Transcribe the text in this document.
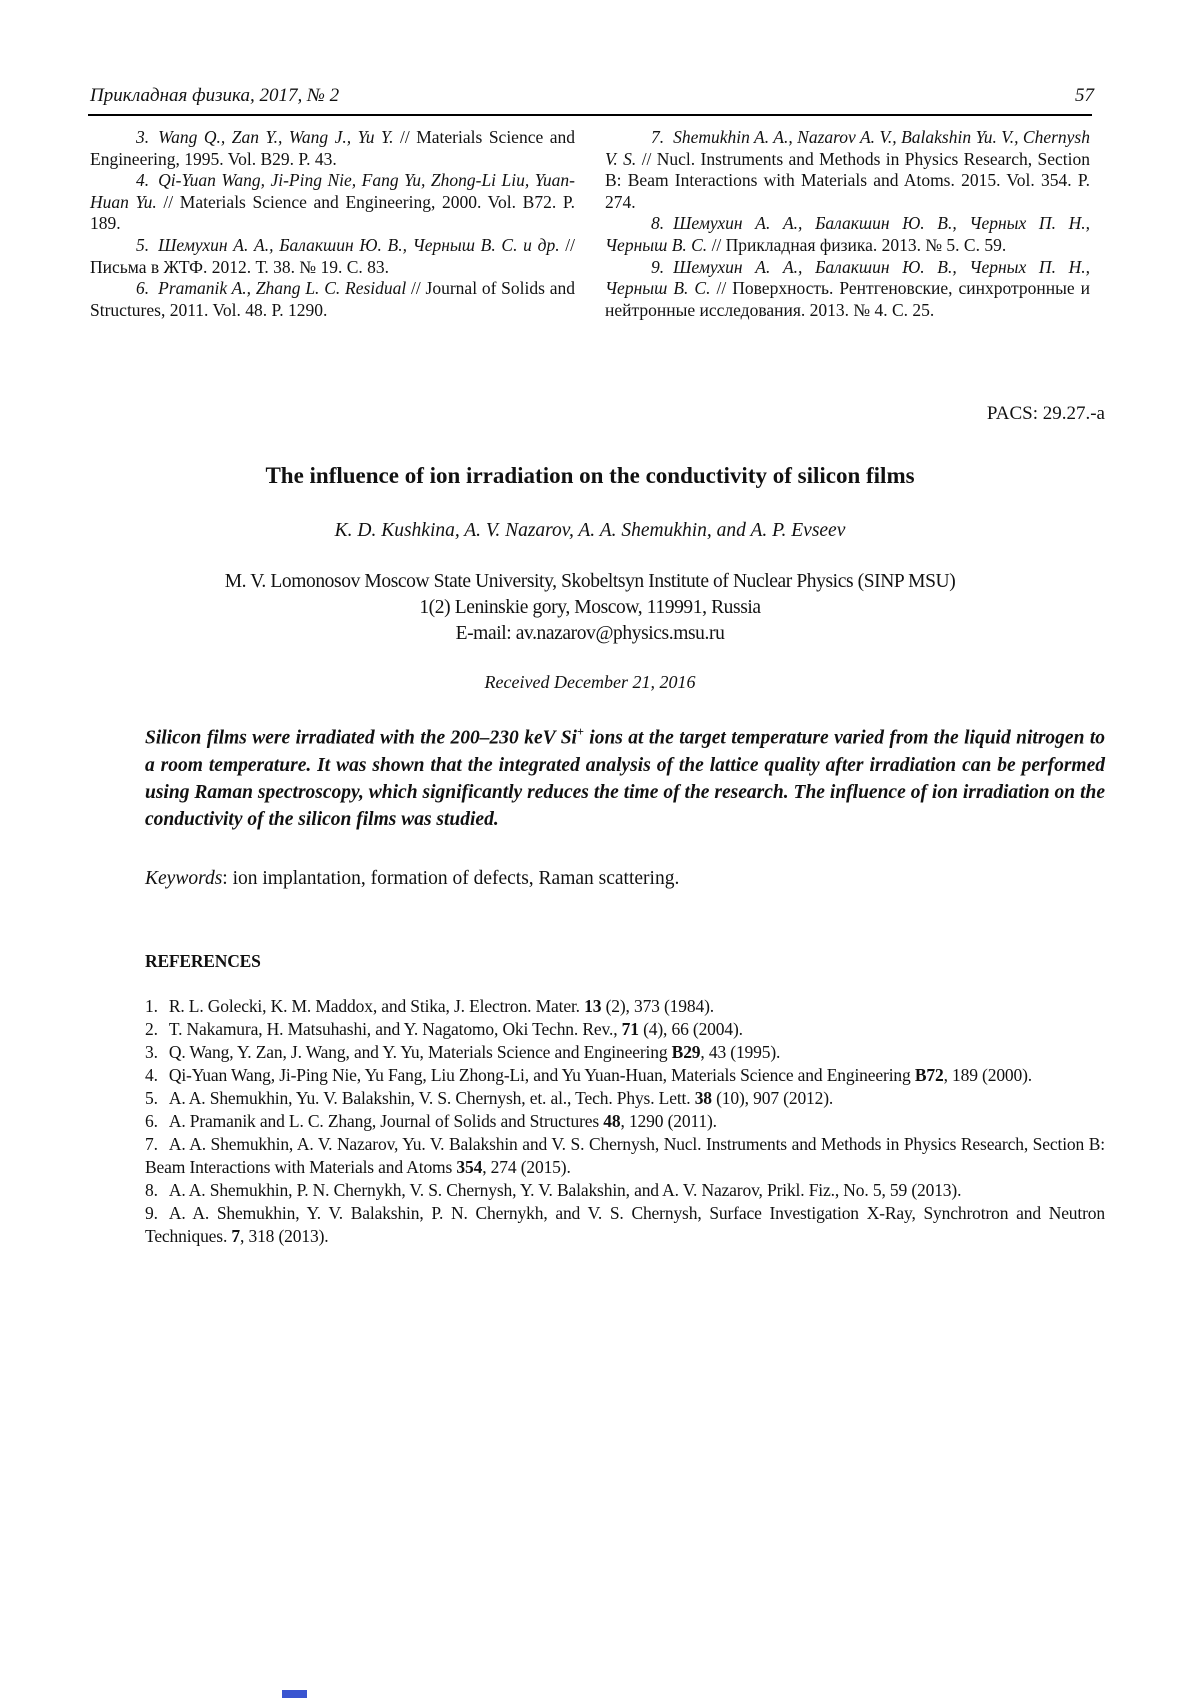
Прикладная физика, 2017, № 2	57

3. Wang Q., Zan Y., Wang J., Yu Y. // Materials Science and Engineering, 1995. Vol. B29. P. 43.

4. Qi-Yuan Wang, Ji-Ping Nie, Fang Yu, Zhong-Li Liu, Yuan-Huan Yu. // Materials Science and Engineering, 2000. Vol. B72. P. 189.

5. Шемухин А. А., Балакшин Ю. В., Черныш В. С. и др. // Письма в ЖТФ. 2012. Т. 38. № 19. С. 83.

6. Pramanik A., Zhang L. C. Residual // Journal of Solids and Structures, 2011. Vol. 48. P. 1290.

7. Shemukhin A. A., Nazarov A. V., Balakshin Yu. V., Chernysh V. S. // Nucl. Instruments and Methods in Physics Research, Section B: Beam Interactions with Materials and Atoms. 2015. Vol. 354. P. 274.

8. Шемухин А. А., Балакшин Ю. В., Черных П. Н., Черныш В. С. // Прикладная физика. 2013. № 5. С. 59.

9. Шемухин А. А., Балакшин Ю. В., Черных П. Н., Черныш В. С. // Поверхность. Рентгеновские, синхротронные и нейтронные исследования. 2013. № 4. С. 25.

PACS: 29.27.-a
The influence of ion irradiation on the conductivity of silicon films
K. D. Kushkina, A. V. Nazarov, A. A. Shemukhin, and A. P. Evseev
M. V. Lomonosov Moscow State University, Skobeltsyn Institute of Nuclear Physics (SINP MSU)
1(2) Leninskie gory, Moscow, 119991, Russia
E-mail: av.nazarov@physics.msu.ru
Received December 21, 2016
Silicon films were irradiated with the 200–230 keV Si+ ions at the target temperature varied from the liquid nitrogen to a room temperature. It was shown that the integrated analysis of the lattice quality after irradiation can be performed using Raman spectroscopy, which significantly reduces the time of the research. The influence of ion irradiation on the conductivity of the silicon films was studied.
Keywords: ion implantation, formation of defects, Raman scattering.
REFERENCES

1. R. L. Golecki, K. M. Maddox, and Stika, J. Electron. Mater. 13 (2), 373 (1984).

2. T. Nakamura, H. Matsuhashi, and Y. Nagatomo, Oki Techn. Rev., 71 (4), 66 (2004).

3. Q. Wang, Y. Zan, J. Wang, and Y. Yu, Materials Science and Engineering B29, 43 (1995).

4. Qi-Yuan Wang, Ji-Ping Nie, Yu Fang, Liu Zhong-Li, and Yu Yuan-Huan, Materials Science and Engineering B72, 189 (2000).

5. A. A. Shemukhin, Yu. V. Balakshin, V. S. Chernysh, et. al., Tech. Phys. Lett. 38 (10), 907 (2012).

6. A. Pramanik and L. C. Zhang, Journal of Solids and Structures 48, 1290 (2011).

7. A. A. Shemukhin, A. V. Nazarov, Yu. V. Balakshin and V. S. Chernysh, Nucl. Instruments and Methods in Physics Research, Section B: Beam Interactions with Materials and Atoms 354, 274 (2015).

8. A. A. Shemukhin, P. N. Chernykh, V. S. Chernysh, Y. V. Balakshin, and A. V. Nazarov, Prikl. Fiz., No. 5, 59 (2013).

9. A. A. Shemukhin, Y. V. Balakshin, P. N. Chernykh, and V. S. Chernysh, Surface Investigation X-Ray, Synchrotron and Neutron Techniques. 7, 318 (2013).
